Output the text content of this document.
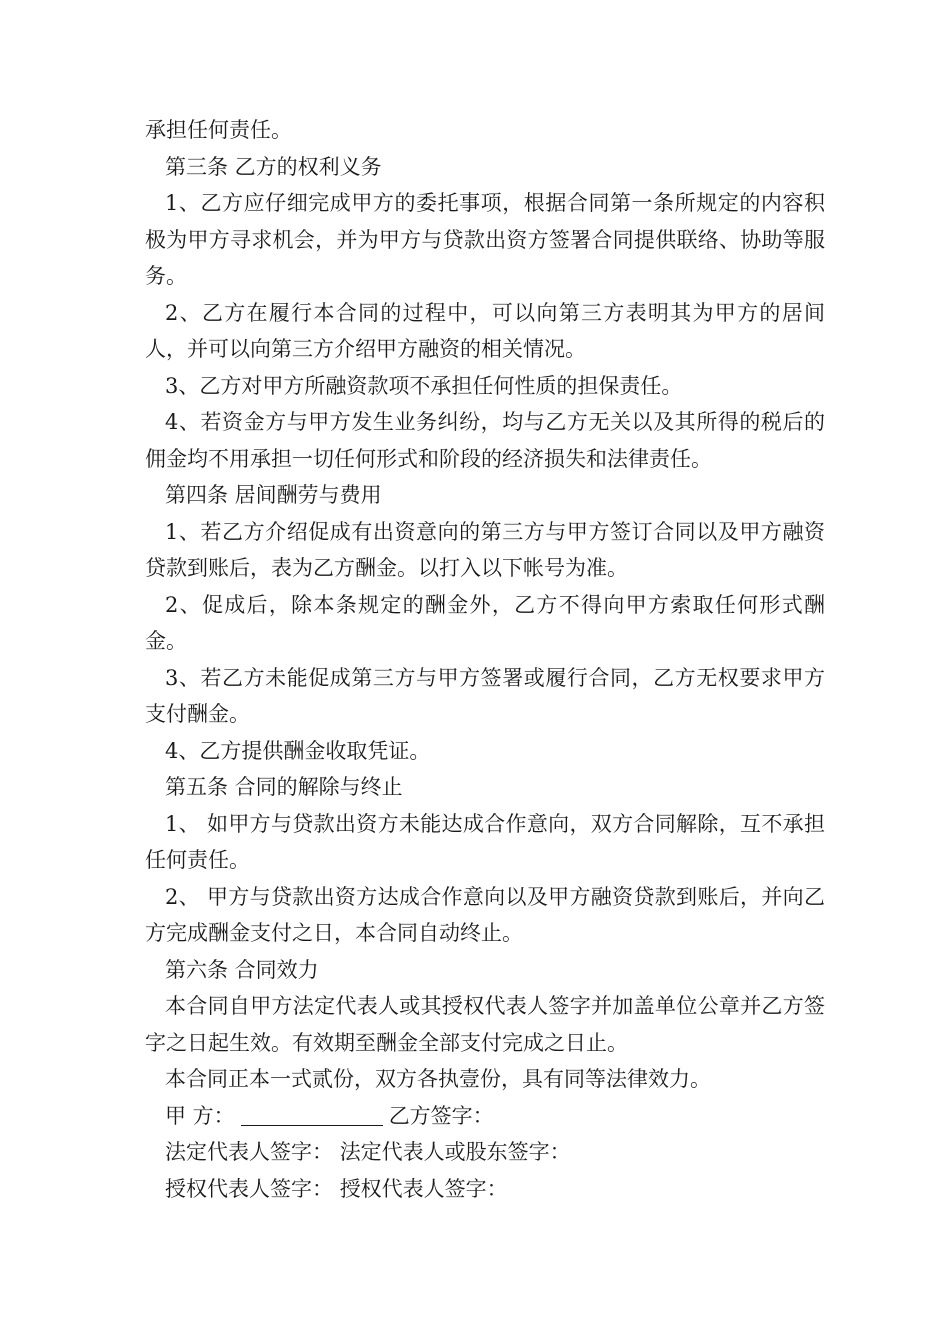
承担任何责任。

第三条 乙方的权利义务

1、乙方应仔细完成甲方的委托事项，根据合同第一条所规定的内容积极为甲方寻求机会，并为甲方与贷款出资方签署合同提供联络、协助等服务。

2、乙方在履行本合同的过程中，可以向第三方表明其为甲方的居间人，并可以向第三方介绍甲方融资的相关情况。

3、乙方对甲方所融资款项不承担任何性质的担保责任。

4、若资金方与甲方发生业务纠纷，均与乙方无关以及其所得的税后的佣金均不用承担一切任何形式和阶段的经济损失和法律责任。

第四条 居间酬劳与费用

1、若乙方介绍促成有出资意向的第三方与甲方签订合同以及甲方融资贷款到账后，表为乙方酬金。以打入以下帐号为准。

2、促成后，除本条规定的酬金外，乙方不得向甲方索取任何形式酬金。

3、若乙方未能促成第三方与甲方签署或履行合同，乙方无权要求甲方支付酬金。

4、乙方提供酬金收取凭证。

第五条 合同的解除与终止

1、 如甲方与贷款出资方未能达成合作意向，双方合同解除，互不承担任何责任。

2、 甲方与贷款出资方达成合作意向以及甲方融资贷款到账后，并向乙方完成酬金支付之日，本合同自动终止。

第六条 合同效力

本合同自甲方法定代表人或其授权代表人签字并加盖单位公章并乙方签字之日起生效。有效期至酬金全部支付完成之日止。

本合同正本一式贰份，双方各执壹份，具有同等法律效力。

甲 方：	乙方签字：

法定代表人签字： 法定代表人或股东签字：

授权代表人签字： 授权代表人签字：
